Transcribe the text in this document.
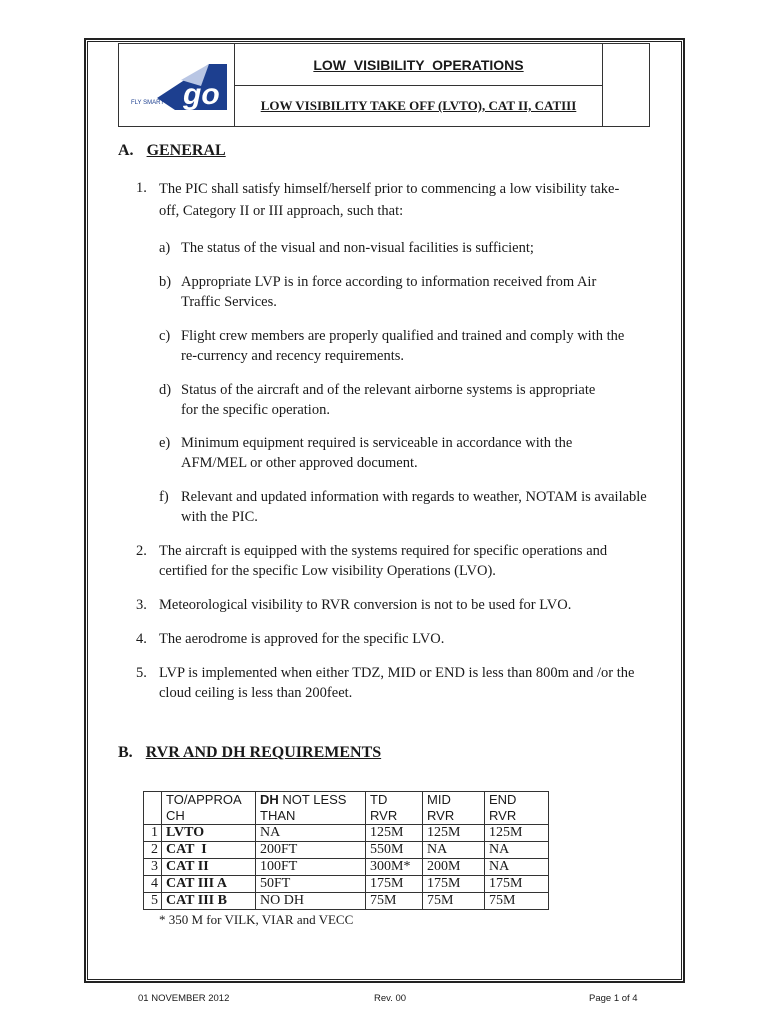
go
FLY SMART
	LOW  VISIBILITY  OPERATIONS	
LOW VISIBILITY TAKE OFF (LVTO), CAT II, CATIII
A. GENERAL
1. The PIC shall satisfy himself/herself prior to commencing a low visibility take-off, Category II or III approach, such that:
a) The status of the visual and non-visual facilities is sufficient;
b) Appropriate LVP is in force according to information received from Air Traffic Services.
c) Flight crew members are properly qualified and trained and comply with the re-currency and recency requirements.
d) Status of the aircraft and of the relevant airborne systems is appropriate for the specific operation.
e) Minimum equipment required is serviceable in accordance with the AFM/MEL or other approved document.
f) Relevant and updated information with regards to weather, NOTAM is available with the PIC.
2. The aircraft is equipped with the systems required for specific operations and certified for the specific Low visibility Operations (LVO).
3. Meteorological visibility to RVR conversion is not to be used for LVO.
4. The aerodrome is approved for the specific LVO.
5. LVP is implemented when either TDZ, MID or END is less than 800m and /or the cloud ceiling is less than 200feet.
B. RVR AND DH REQUIREMENTS
	TO/APPROA CH	DH NOT LESS THAN	TD RVR	MID RVR	END RVR
1	LVTO	NA	125M	125M	125M
2	CAT  I	200FT	550M	NA	NA
3	CAT II	100FT	300M*	200M	NA
4	CAT III A	50FT	175M	175M	175M
5	CAT III B	NO DH	75M	75M	75M
* 350 M for VILK, VIAR and VECC
01 NOVEMBER 2012	Rev. 00	Page 1 of 4
